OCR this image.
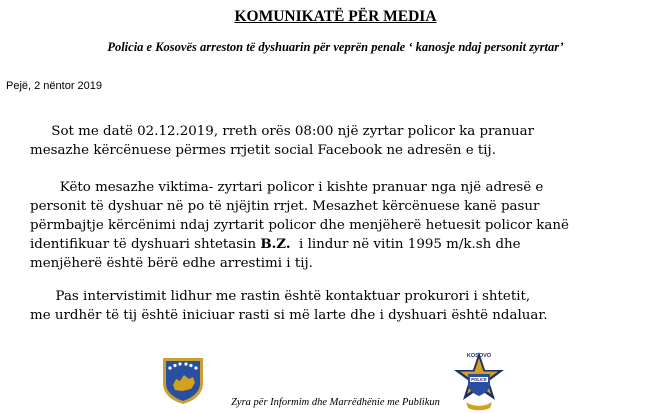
KOMUNIKATË PËR MEDIA
Policia e Kosovës arreston të dyshuarin për veprën penale ‘ kanosje ndaj personit zyrtar’
Pejë, 2 nëntor 2019
Sot me datë 02.12.2019, rreth orës 08:00 një zyrtar policor ka pranuar
mesazhe kërcënuese përmes rrjetit social Facebook ne adresën e tij.
Këto mesazhe viktima- zyrtari policor i kishte pranuar nga një adresë e
personit të dyshuar në po të njëjtin rrjet. Mesazhet kërcënuese kanë pasur
përmbajtje kërcënimi ndaj zyrtarit policor dhe menjëherë hetuesit policor kanë
identifikuar të dyshuari shtetasin B.Z.  i lindur në vitin 1995 m/k.sh dhe
menjëherë është bërë edhe arrestimi i tij.
Pas intervistimit lidhur me rastin është kontaktuar prokurori i shtetit,
me urdhër të tij është iniciuar rasti si më larte dhe i dyshuari është ndaluar.
POLICE
KOSOVO
Zyra për Informim dhe Marrëdhënie me Publikun
